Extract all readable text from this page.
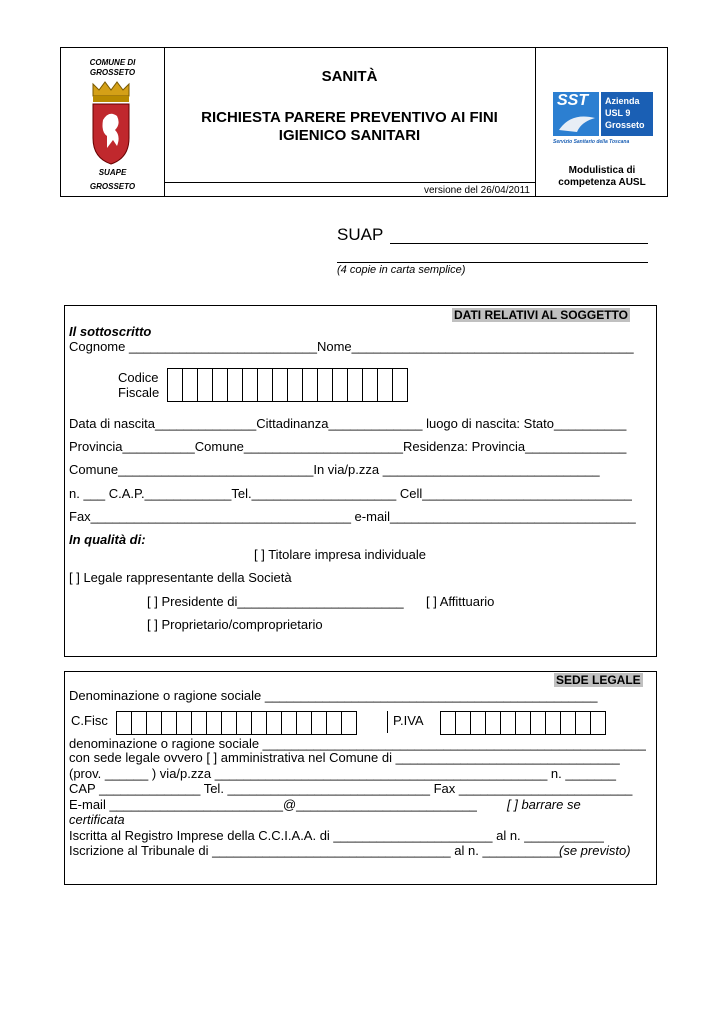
COMUNE DI
GROSSETO
SUAPE
GROSSETO
SANITÀ
RICHIESTA PARERE PREVENTIVO AI FINI
IGIENICO SANITARI
versione del 26/04/2011
SST Azienda
USL 9
Grosseto
Servizio Sanitario della Toscana
Modulistica di
competenza AUSL
SUAP
(4 copie in carta semplice)
DATI RELATIVI AL SOGGETTO
Il sottoscritto
Cognome __________________________Nome_______________________________________
Codice
Fiscale
Data di nascita______________Cittadinanza_____________ luogo di nascita: Stato__________
Provincia__________Comune______________________Residenza: Provincia______________
Comune___________________________In via/p.zza ______________________________
n. ___ C.A.P.____________Tel.____________________ Cell_____________________________
Fax____________________________________ e-mail__________________________________
In qualità di:
[ ] Titolare impresa individuale
[ ] Legale rappresentante della Società
[ ] Presidente di_______________________ [ ] Affittuario
[ ] Proprietario/comproprietario
SEDE LEGALE
Denominazione o ragione sociale ______________________________________________
C.Fisc	P.IVA
denominazione o ragione sociale _____________________________________________________
con sede legale ovvero [ ] amministrativa nel Comune di _______________________________
(prov. ______ ) via/p.zza ______________________________________________ n. _______
CAP ______________ Tel. ____________________________ Fax ________________________
E-mail ________________________@_________________________ [ ] barrare se
certificata
Iscritta al Registro Imprese della C.C.I.A.A. di ______________________ al n. ___________
Iscrizione al Tribunale di _________________________________ al n. ___________
(se previsto)
